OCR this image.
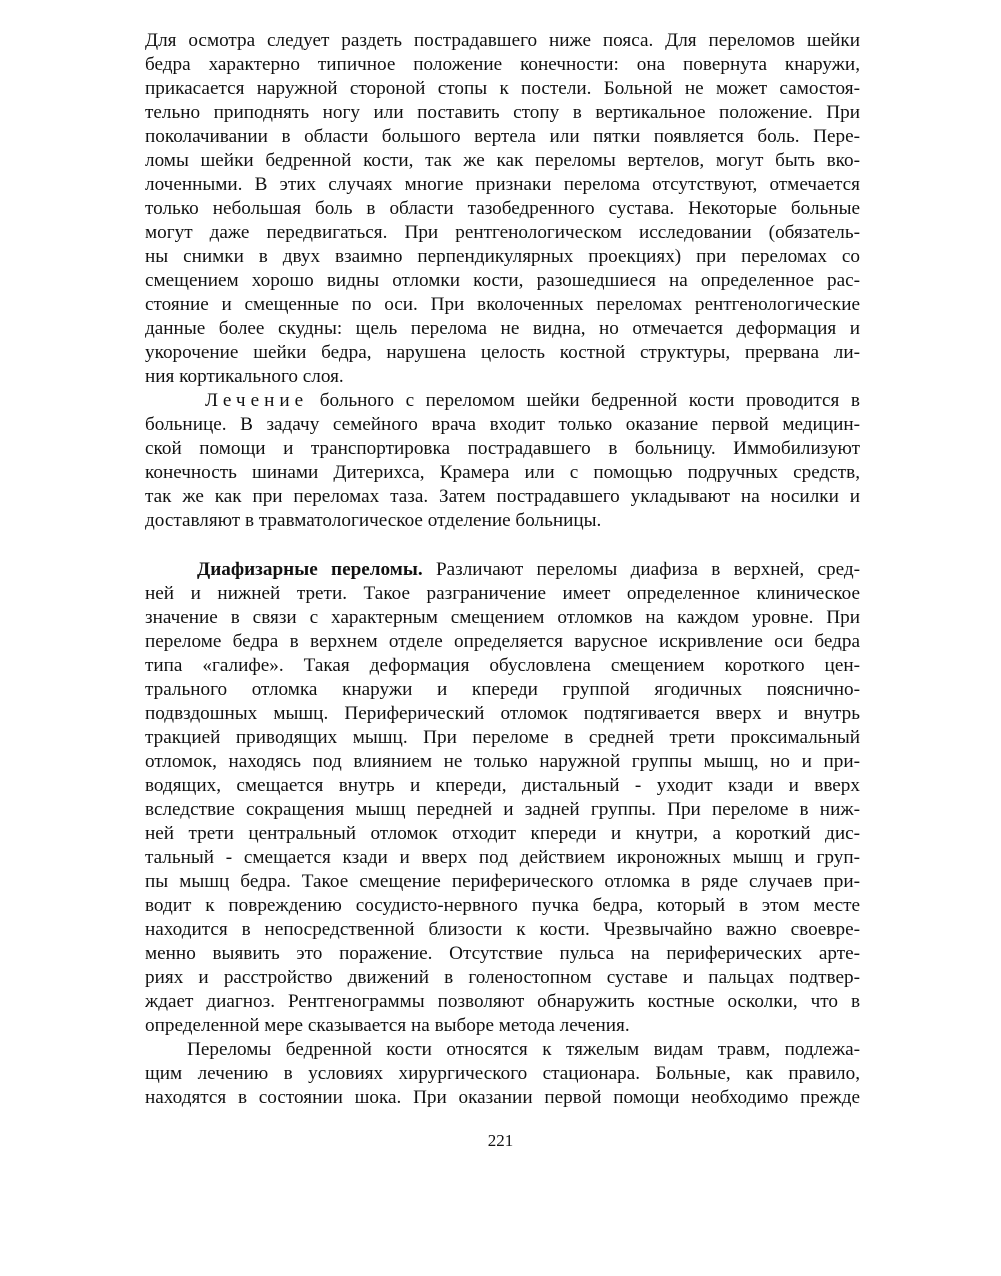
Для осмотра следует раздеть пострадавшего ниже пояса. Для переломов шейки
бедра характерно типичное положение конечности: она повернута кнаружи,
прикасается наружной стороной стопы к постели. Больной не может самостоя-
тельно приподнять ногу или поставить стопу в вертикальное положение. При
поколачивании в области большого вертела или пятки появляется боль. Пере-
ломы шейки бедренной кости, так же как переломы вертелов, могут быть вко-
лоченными. В этих случаях многие признаки перелома отсутствуют, отмечается
только небольшая боль в области тазобедренного сустава. Некоторые больные
могут даже передвигаться. При рентгенологическом исследовании (обязатель-
ны снимки в двух взаимно перпендикулярных проекциях) при переломах со
смещением хорошо видны отломки кости, разошедшиеся на определенное рас-
стояние и смещенные по оси. При вколоченных переломах рентгенологические
данные более скудны: щель перелома не видна, но отмечается деформация и
укорочение шейки бедра, нарушена целость костной структуры, прервана ли-
ния кортикального слоя.
Лечение больного с переломом шейки бедренной кости проводится в
больнице. В задачу семейного врача входит только оказание первой медицин-
ской помощи и транспортировка пострадавшего в больницу. Иммобилизуют
конечность шинами Дитерихса, Крамера или с помощью подручных средств,
так же как при переломах таза. Затем пострадавшего укладывают на носилки и
доставляют в травматологическое отделение больницы.
Диафизарные переломы. Различают переломы диафиза в верхней, сред-
ней и нижней трети. Такое разграничение имеет определенное клиническое
значение в связи с характерным смещением отломков на каждом уровне. При
переломе бедра в верхнем отделе определяется варусное искривление оси бедра
типа «галифе». Такая деформация обусловлена смещением короткого цен-
трального отломка кнаружи и кпереди группой ягодичных пояснично-
подвздошных мышц. Периферический отломок подтягивается вверх и внутрь
тракцией приводящих мышц. При переломе в средней трети проксимальный
отломок, находясь под влиянием не только наружной группы мышц, но и при-
водящих, смещается внутрь и кпереди, дистальный - уходит кзади и вверх
вследствие сокращения мышц передней и задней группы. При переломе в ниж-
ней трети центральный отломок отходит кпереди и кнутри, а короткий дис-
тальный - смещается кзади и вверх под действием икроножных мышц и груп-
пы мышц бедра. Такое смещение периферического отломка в ряде случаев при-
водит к повреждению сосудисто-нервного пучка бедра, который в этом месте
находится в непосредственной близости к кости. Чрезвычайно важно своевре-
менно выявить это поражение. Отсутствие пульса на периферических арте-
риях и расстройство движений в голеностопном суставе и пальцах подтвер-
ждает диагноз. Рентгенограммы позволяют обнаружить костные осколки, что в
определенной мере сказывается на выборе метода лечения.
Переломы бедренной кости относятся к тяжелым видам травм, подлежа-
щим лечению в условиях хирургического стационара. Больные, как правило,
находятся в состоянии шока. При оказании первой помощи необходимо прежде
221
